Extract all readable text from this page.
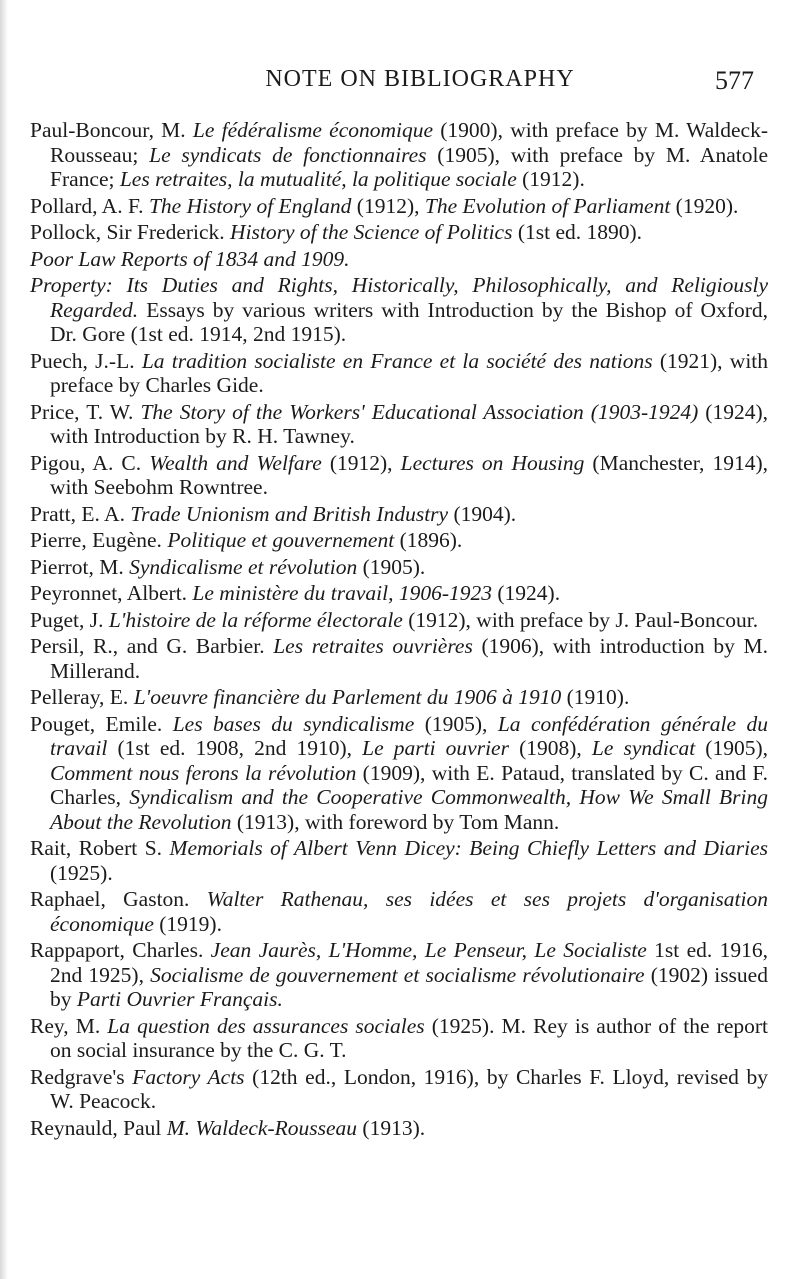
NOTE ON BIBLIOGRAPHY	577

Paul-Boncour, M. Le fédéralisme économique (1900), with preface by M. Waldeck-Rousseau; Le syndicats de fonctionnaires (1905), with preface by M. Anatole France; Les retraites, la mutualité, la politique sociale (1912).

Pollard, A. F. The History of England (1912), The Evolution of Parliament (1920).

Pollock, Sir Frederick. History of the Science of Politics (1st ed. 1890).

Poor Law Reports of 1834 and 1909.

Property: Its Duties and Rights, Historically, Philosophically, and Religiously Regarded. Essays by various writers with Introduction by the Bishop of Oxford, Dr. Gore (1st ed. 1914, 2nd 1915).

Puech, J.-L. La tradition socialiste en France et la société des nations (1921), with preface by Charles Gide.

Price, T. W. The Story of the Workers' Educational Association (1903-1924) (1924), with Introduction by R. H. Tawney.

Pigou, A. C. Wealth and Welfare (1912), Lectures on Housing (Manchester, 1914), with Seebohm Rowntree.

Pratt, E. A. Trade Unionism and British Industry (1904).

Pierre, Eugène. Politique et gouvernement (1896).

Pierrot, M. Syndicalisme et révolution (1905).

Peyronnet, Albert. Le ministère du travail, 1906-1923 (1924).

Puget, J. L'histoire de la réforme électorale (1912), with preface by J. Paul-Boncour.

Persil, R., and G. Barbier. Les retraites ouvrières (1906), with introduction by M. Millerand.

Pelleray, E. L'oeuvre financière du Parlement du 1906 à 1910 (1910).

Pouget, Emile. Les bases du syndicalisme (1905), La confédération générale du travail (1st ed. 1908, 2nd 1910), Le parti ouvrier (1908), Le syndicat (1905), Comment nous ferons la révolution (1909), with E. Pataud, translated by C. and F. Charles, Syndicalism and the Cooperative Commonwealth, How We Small Bring About the Revolution (1913), with foreword by Tom Mann.

Rait, Robert S. Memorials of Albert Venn Dicey: Being Chiefly Letters and Diaries (1925).

Raphael, Gaston. Walter Rathenau, ses idées et ses projets d'organisation économique (1919).

Rappaport, Charles. Jean Jaurès, L'Homme, Le Penseur, Le Socialiste 1st ed. 1916, 2nd 1925), Socialisme de gouvernement et socialisme révolutionaire (1902) issued by Parti Ouvrier Français.

Rey, M. La question des assurances sociales (1925). M. Rey is author of the report on social insurance by the C. G. T.

Redgrave's Factory Acts (12th ed., London, 1916), by Charles F. Lloyd, revised by W. Peacock.

Reynauld, Paul M. Waldeck-Rousseau (1913).
